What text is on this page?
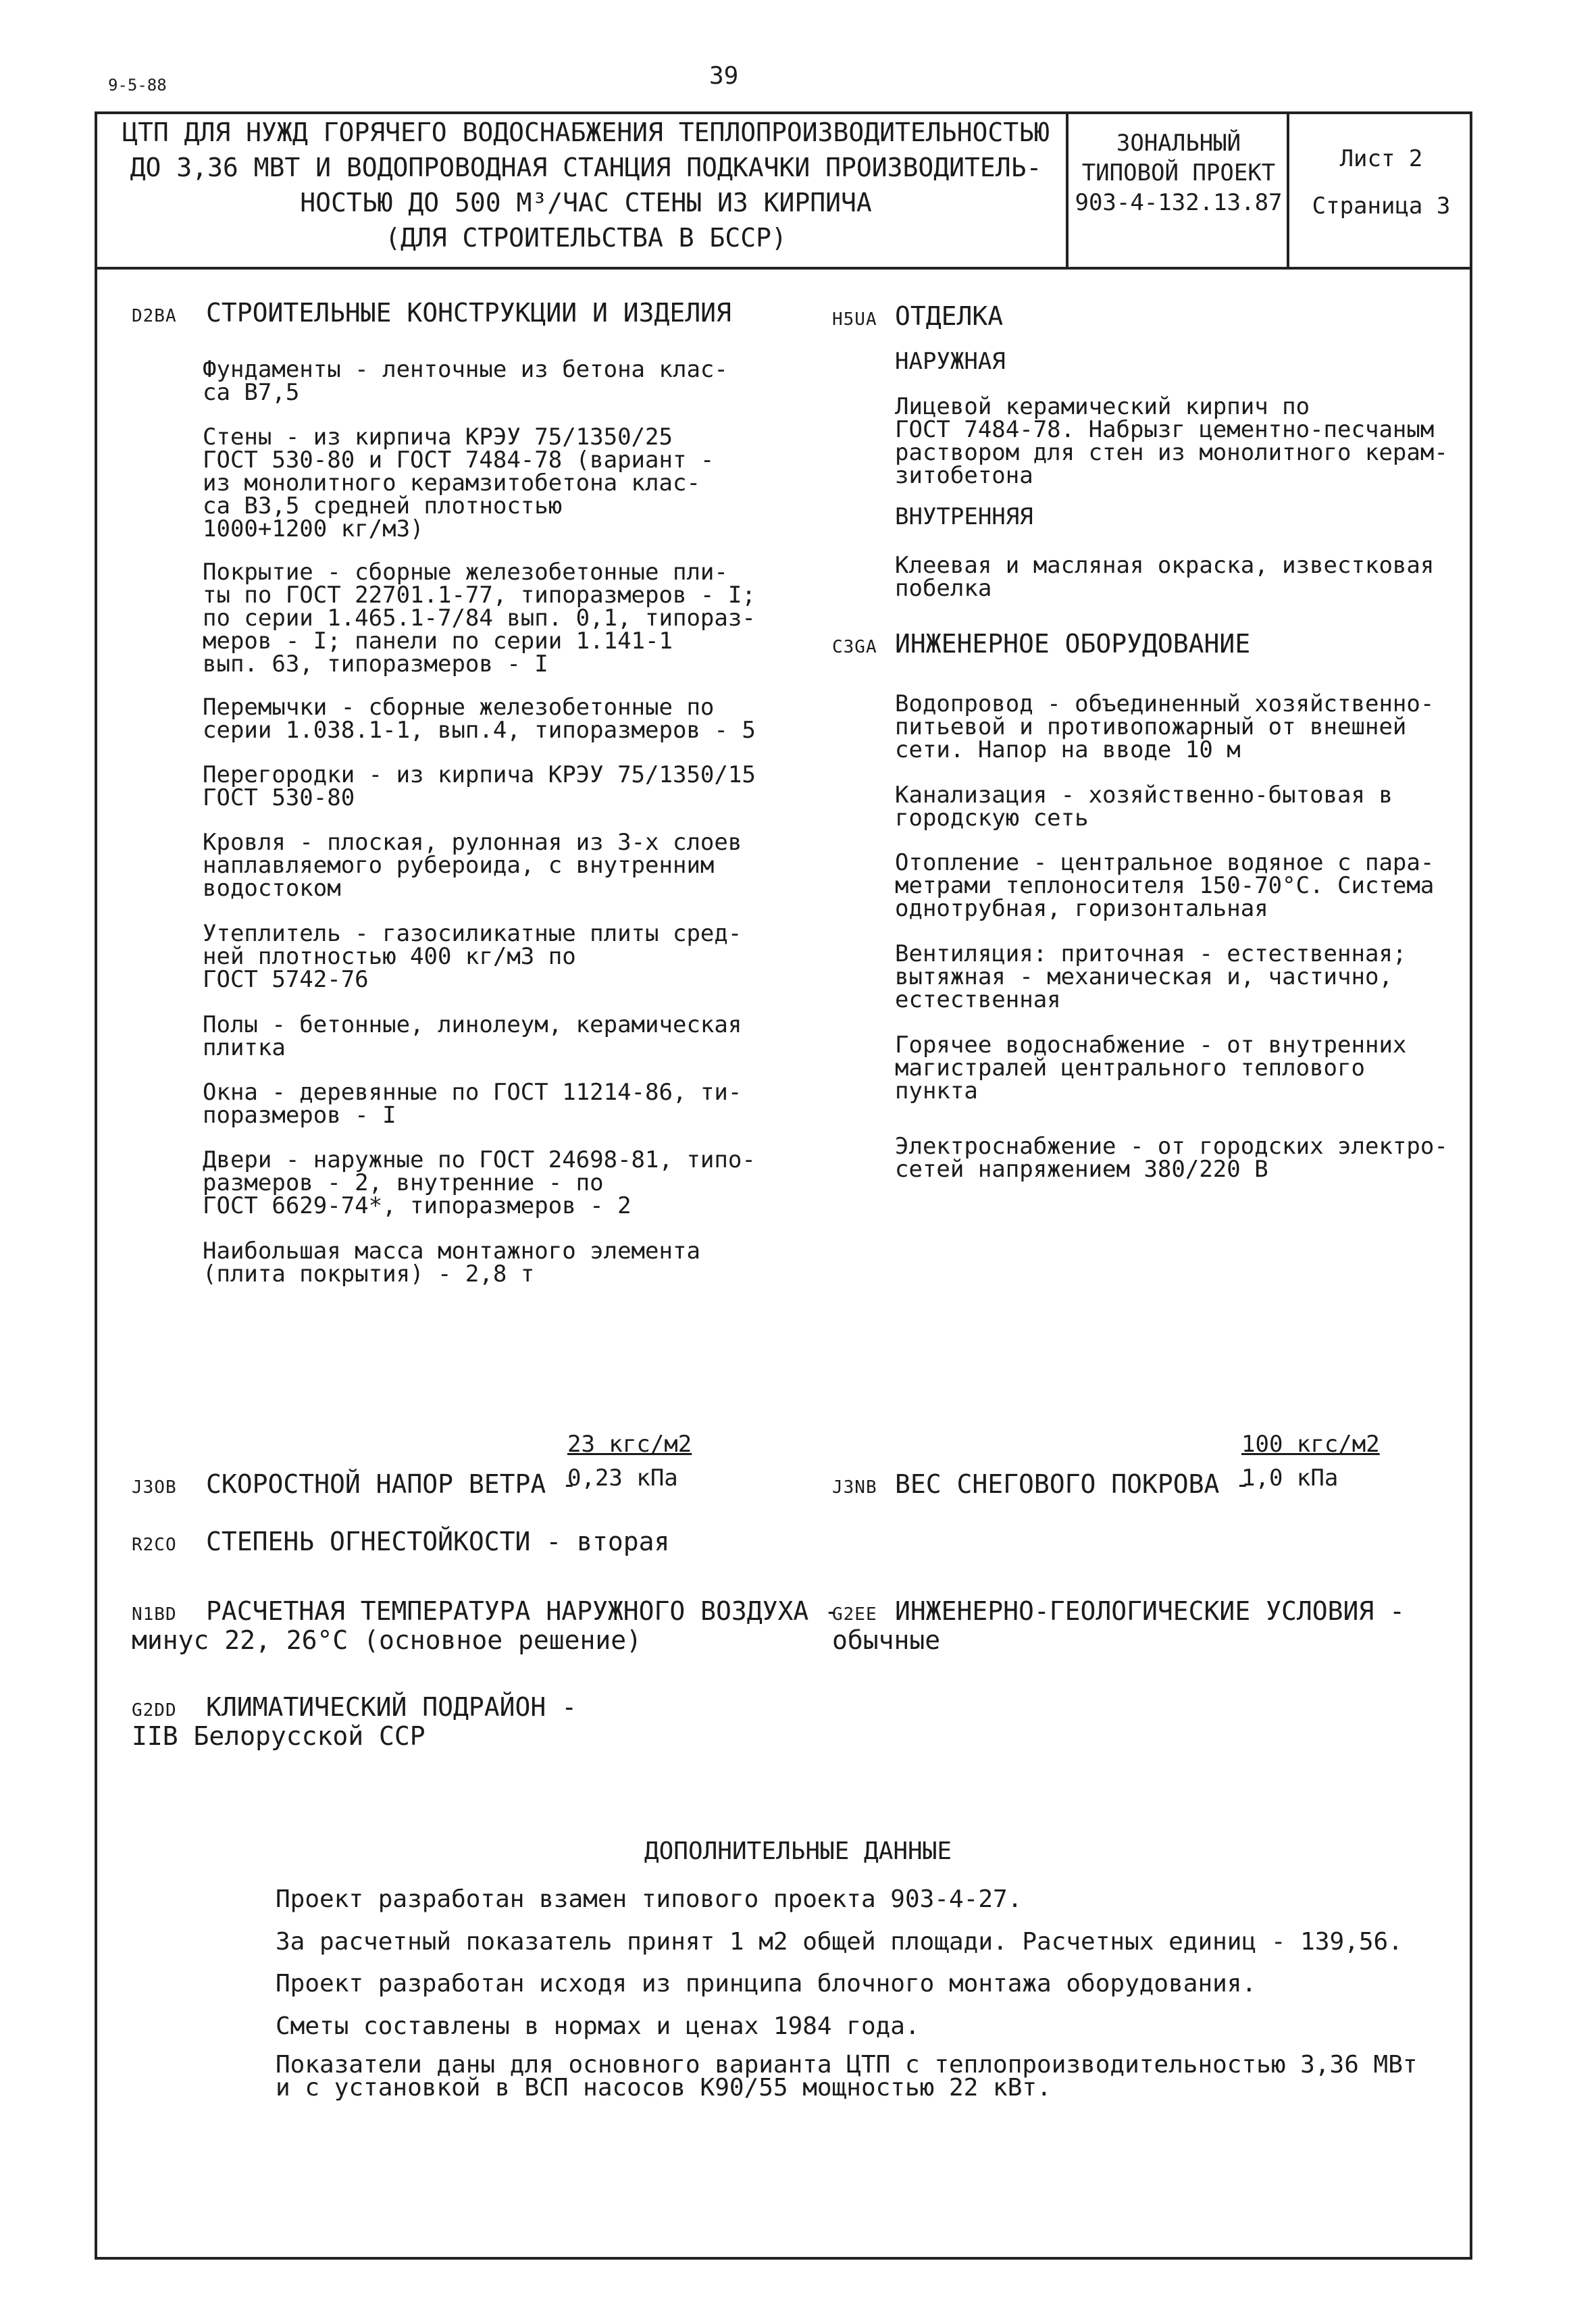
9-5-88	39
ЦТП ДЛЯ НУЖД ГОРЯЧЕГО ВОДОСНАБЖЕНИЯ ТЕПЛОПРОИЗВОДИТЕЛЬНОСТЬЮ
ДО 3,36 МВТ И ВОДОПРОВОДНАЯ СТАНЦИЯ ПОДКАЧКИ ПРОИЗВОДИТЕЛЬ-
НОСТЬЮ ДО 500 М³/ЧАС СТЕНЫ ИЗ КИРПИЧА
(ДЛЯ СТРОИТЕЛЬСТВА В БССР)
ЗОНАЛЬНЫЙ
ТИПОВОЙ ПРОЕКТ
903-4-132.13.87
Лист 2
Страница 3
D2BA СТРОИТЕЛЬНЫЕ КОНСТРУКЦИИ И ИЗДЕЛИЯ
Фундаменты - ленточные из бетона клас-
са B7,5
Стены - из кирпича КРЭУ 75/1350/25
ГОСТ 530-80 и ГОСТ 7484-78 (вариант -
из монолитного керамзитобетона клас-
са B3,5 средней плотностью
1000+1200 кг/м3)
Покрытие - сборные железобетонные пли-
ты по ГОСТ 22701.1-77, типоразмеров - I;
по серии 1.465.1-7/84 вып. 0,1, типораз-
меров - I; панели по серии 1.141-1
вып. 63, типоразмеров - I
Перемычки - сборные железобетонные по
серии 1.038.1-1, вып.4, типоразмеров - 5
Перегородки - из кирпича КРЭУ 75/1350/15
ГОСТ 530-80
Кровля - плоская, рулонная из 3-х слоев
наплавляемого рубероида, с внутренним
водостоком
Утеплитель - газосиликатные плиты сред-
ней плотностью 400 кг/м3 по
ГОСТ 5742-76
Полы - бетонные, линолеум, керамическая
плитка
Окна - деревянные по ГОСТ 11214-86, ти-
поразмеров - I
Двери - наружные по ГОСТ 24698-81, типо-
размеров - 2, внутренние - по
ГОСТ 6629-74*, типоразмеров - 2
Наибольшая масса монтажного элемента
(плита покрытия) - 2,8 т
H5UA ОТДЕЛКА
НАРУЖНАЯ
Лицевой керамический кирпич по
ГОСТ 7484-78. Набрызг цементно-песчаным
раствором для стен из монолитного керам-
зитобетона
ВНУТРЕННЯЯ
Клеевая и масляная окраска, известковая
побелка
C3GA ИНЖЕНЕРНОЕ ОБОРУДОВАНИЕ
Водопровод - объединенный хозяйственно-
питьевой и противопожарный от внешней
сети. Напор на вводе 10 м
Канализация - хозяйственно-бытовая в
городскую сеть
Отопление - центральное водяное с пара-
метрами теплоносителя 150-70°C. Система
однотрубная, горизонтальная
Вентиляция: приточная - естественная;
вытяжная - механическая и, частично,
естественная
Горячее водоснабжение - от внутренних
магистралей центрального теплового
пункта
Электроснабжение - от городских электро-
сетей напряжением 380/220 В

J3OB СКОРОСТНОЙ НАПОР ВЕТРА -

23 кгс/м2
0,23 кПа	J3NB ВЕС СНЕГОВОГО ПОКРОВА -

100 кгс/м2
1,0 кПа

R2CO СТЕПЕНЬ ОГНЕСТОЙКОСТИ - вторая

N1BD РАСЧЕТНАЯ ТЕМПЕРАТУРА НАРУЖНОГО ВОЗДУХА -
минус 22, 26°C (основное решение)

G2EE ИНЖЕНЕРНО-ГЕОЛОГИЧЕСКИЕ УСЛОВИЯ -
обычные

G2DD КЛИМАТИЧЕСКИЙ ПОДРАЙОН -
IIВ Белорусской ССР

ДОПОЛНИТЕЛЬНЫЕ ДАННЫЕ
Проект разработан взамен типового проекта 903-4-27.
За расчетный показатель принят 1 м2 общей площади. Расчетных единиц - 139,56.
Проект разработан исходя из принципа блочного монтажа оборудования.
Сметы составлены в нормах и ценах 1984 года.
Показатели даны для основного варианта ЦТП с теплопроизводительностью 3,36 МВт
и с установкой в ВСП насосов К90/55 мощностью 22 кВт.
